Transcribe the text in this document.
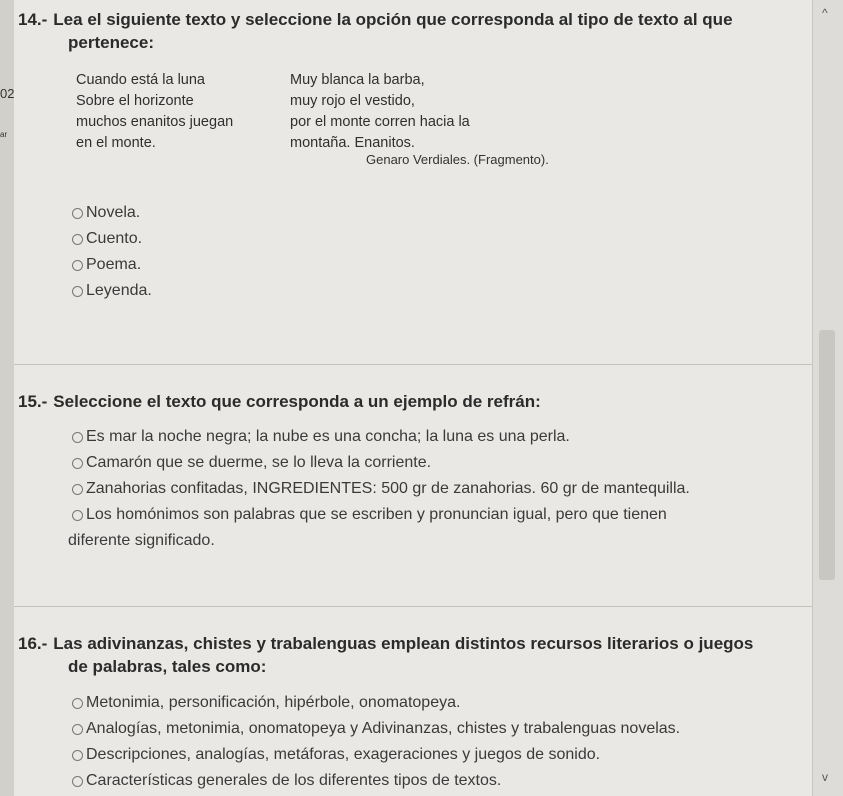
02
ar
14.- Lea el siguiente texto y seleccione la opción que corresponda al tipo de texto al que
pertenece:
Cuando está la luna
Sobre el horizonte
muchos enanitos juegan
en el monte.
Muy blanca la barba,
muy rojo el vestido,
por el monte corren hacia la
montaña. Enanitos.
Genaro Verdiales. (Fragmento).
Novela.
Cuento.
Poema.
Leyenda.
15.- Seleccione el texto que corresponda a un ejemplo de refrán:
Es mar la noche negra; la nube es una concha; la luna es una perla.
Camarón que se duerme, se lo lleva la corriente.
Zanahorias confitadas, INGREDIENTES: 500 gr de zanahorias. 60 gr de mantequilla.
Los homónimos son palabras que se escriben y pronuncian igual, pero que tienen
diferente significado.
16.- Las adivinanzas, chistes y trabalenguas emplean distintos recursos literarios o juegos
de palabras, tales como:
Metonimia, personificación, hipérbole, onomatopeya.
Analogías, metonimia, onomatopeya y Adivinanzas, chistes y trabalenguas novelas.
Descripciones, analogías, metáforas, exageraciones y juegos de sonido.
Características generales de los diferentes tipos de textos.
^
v
